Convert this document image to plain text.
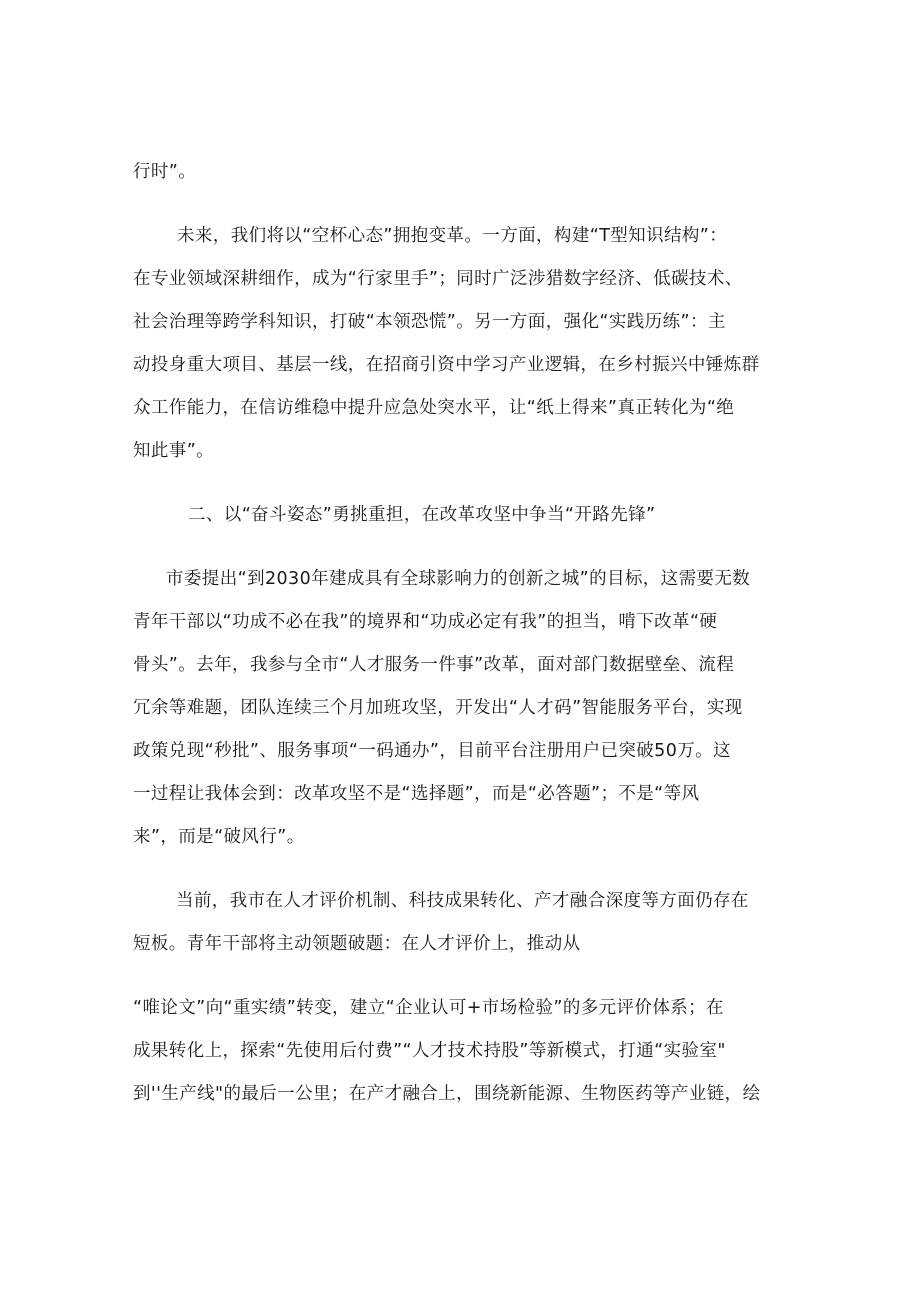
行时”。
未来，我们将以“空杯心态”拥抱变革。一方面，构建“T型知识结构”：
在专业领域深耕细作，成为“行家里手”；同时广泛涉猎数字经济、低碳技术、
社会治理等跨学科知识，打破“本领恐慌”。另一方面，强化“实践历练”：主
动投身重大项目、基层一线，在招商引资中学习产业逻辑，在乡村振兴中锤炼群
众工作能力，在信访维稳中提升应急处突水平，让“纸上得来”真正转化为“绝
知此事”。
二、以“奋斗姿态”勇挑重担，在改革攻坚中争当“开路先锋”
市委提出“到2030年建成具有全球影响力的创新之城”的目标，这需要无数
青年干部以“功成不必在我”的境界和“功成必定有我”的担当，啃下改革“硬
骨头”。去年，我参与全市“人才服务一件事”改革，面对部门数据壁垒、流程
冗余等难题，团队连续三个月加班攻坚，开发出“人才码”智能服务平台，实现
政策兑现“秒批”、服务事项“一码通办”，目前平台注册用户已突破50万。这
一过程让我体会到：改革攻坚不是“选择题”，而是“必答题”；不是“等风
来”，而是“破风行”。
当前，我市在人才评价机制、科技成果转化、产才融合深度等方面仍存在
短板。青年干部将主动领题破题：在人才评价上，推动从
“唯论文”向“重实绩”转变，建立“企业认可+市场检验”的多元评价体系；在
成果转化上，探索“先使用后付费”“人才技术持股”等新模式，打通“实验室"
到''生产线"的最后一公里；在产才融合上，围绕新能源、生物医药等产业链，绘
